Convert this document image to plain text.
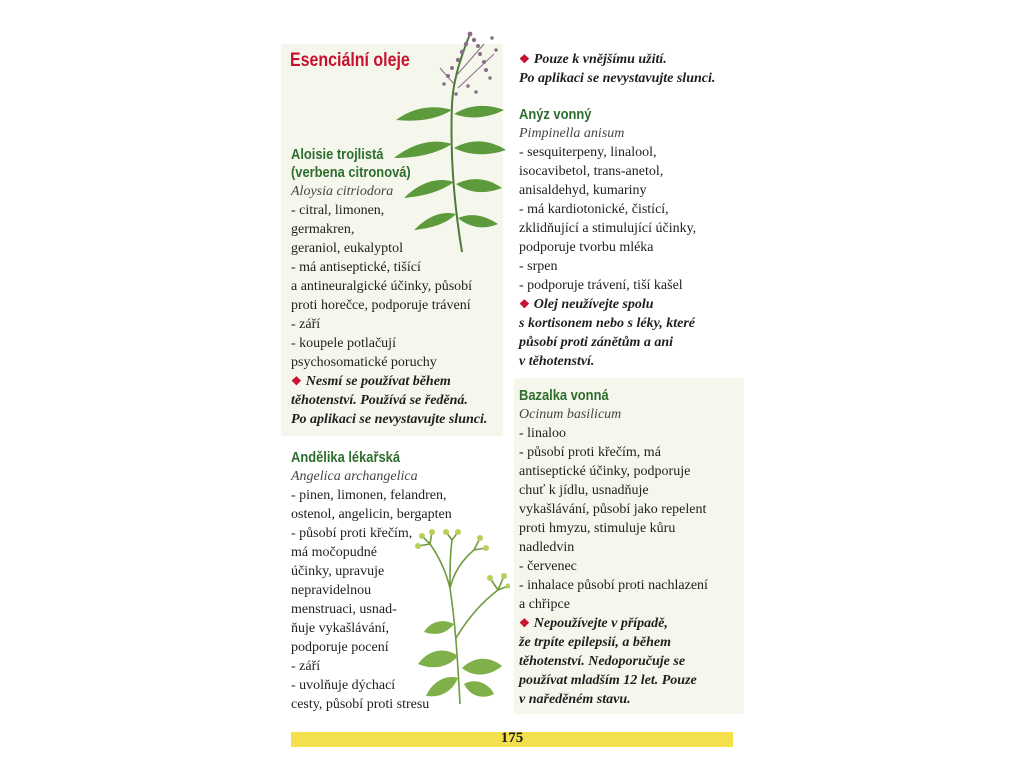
Esenciální oleje
Aloisie trojlistá
(verbena citronová)
Aloysia citriodora
- citral, limonen,
germakren,
geraniol, eukalyptol
- má antiseptické, tišící
a antineuralgické účinky, působí
proti horečce, podporuje trávení
- září
- koupele potlačují
psychosomatické poruchy
❖ Nesmí se používat během
těhotenství. Používá se ředěná.
Po aplikaci se nevystavujte slunci.
Andělika lékařská
Angelica archangelica
- pinen, limonen, felandren,
ostenol, angelicin, bergapten
- působí proti křečím,
má močopudné
účinky, upravuje
nepravidelnou
menstruaci, usnad-
ňuje vykašlávání,
podporuje pocení
- září
- uvolňuje dýchací
cesty, působí proti stresu
❖ Pouze k vnějšímu užití.
Po aplikaci se nevystavujte slunci.
Anýz vonný
Pimpinella anisum
- sesquiterpeny, linalool,
isocavibetol, trans-anetol,
anisaldehyd, kumariny
- má kardiotonické, čistící,
zklidňující a stimulující účinky,
podporuje tvorbu mléka
- srpen
- podporuje trávení, tiší kašel
❖ Olej neužívejte spolu
s kortisonem nebo s léky, které
působí proti zánětům a ani
v těhotenství.
Bazalka vonná
Ocinum basilicum
- linaloo
- působí proti křečím, má
antiseptické účinky, podporuje
chuť k jídlu, usnadňuje
vykašlávání, působí jako repelent
proti hmyzu, stimuluje kůru
nadledvin
- červenec
- inhalace působí proti nachlazení
a chřipce
❖ Nepoužívejte v případě,
že trpíte epilepsií, a během
těhotenství. Nedoporučuje se
používat mladším 12 let. Pouze
v naředěném stavu.
175
